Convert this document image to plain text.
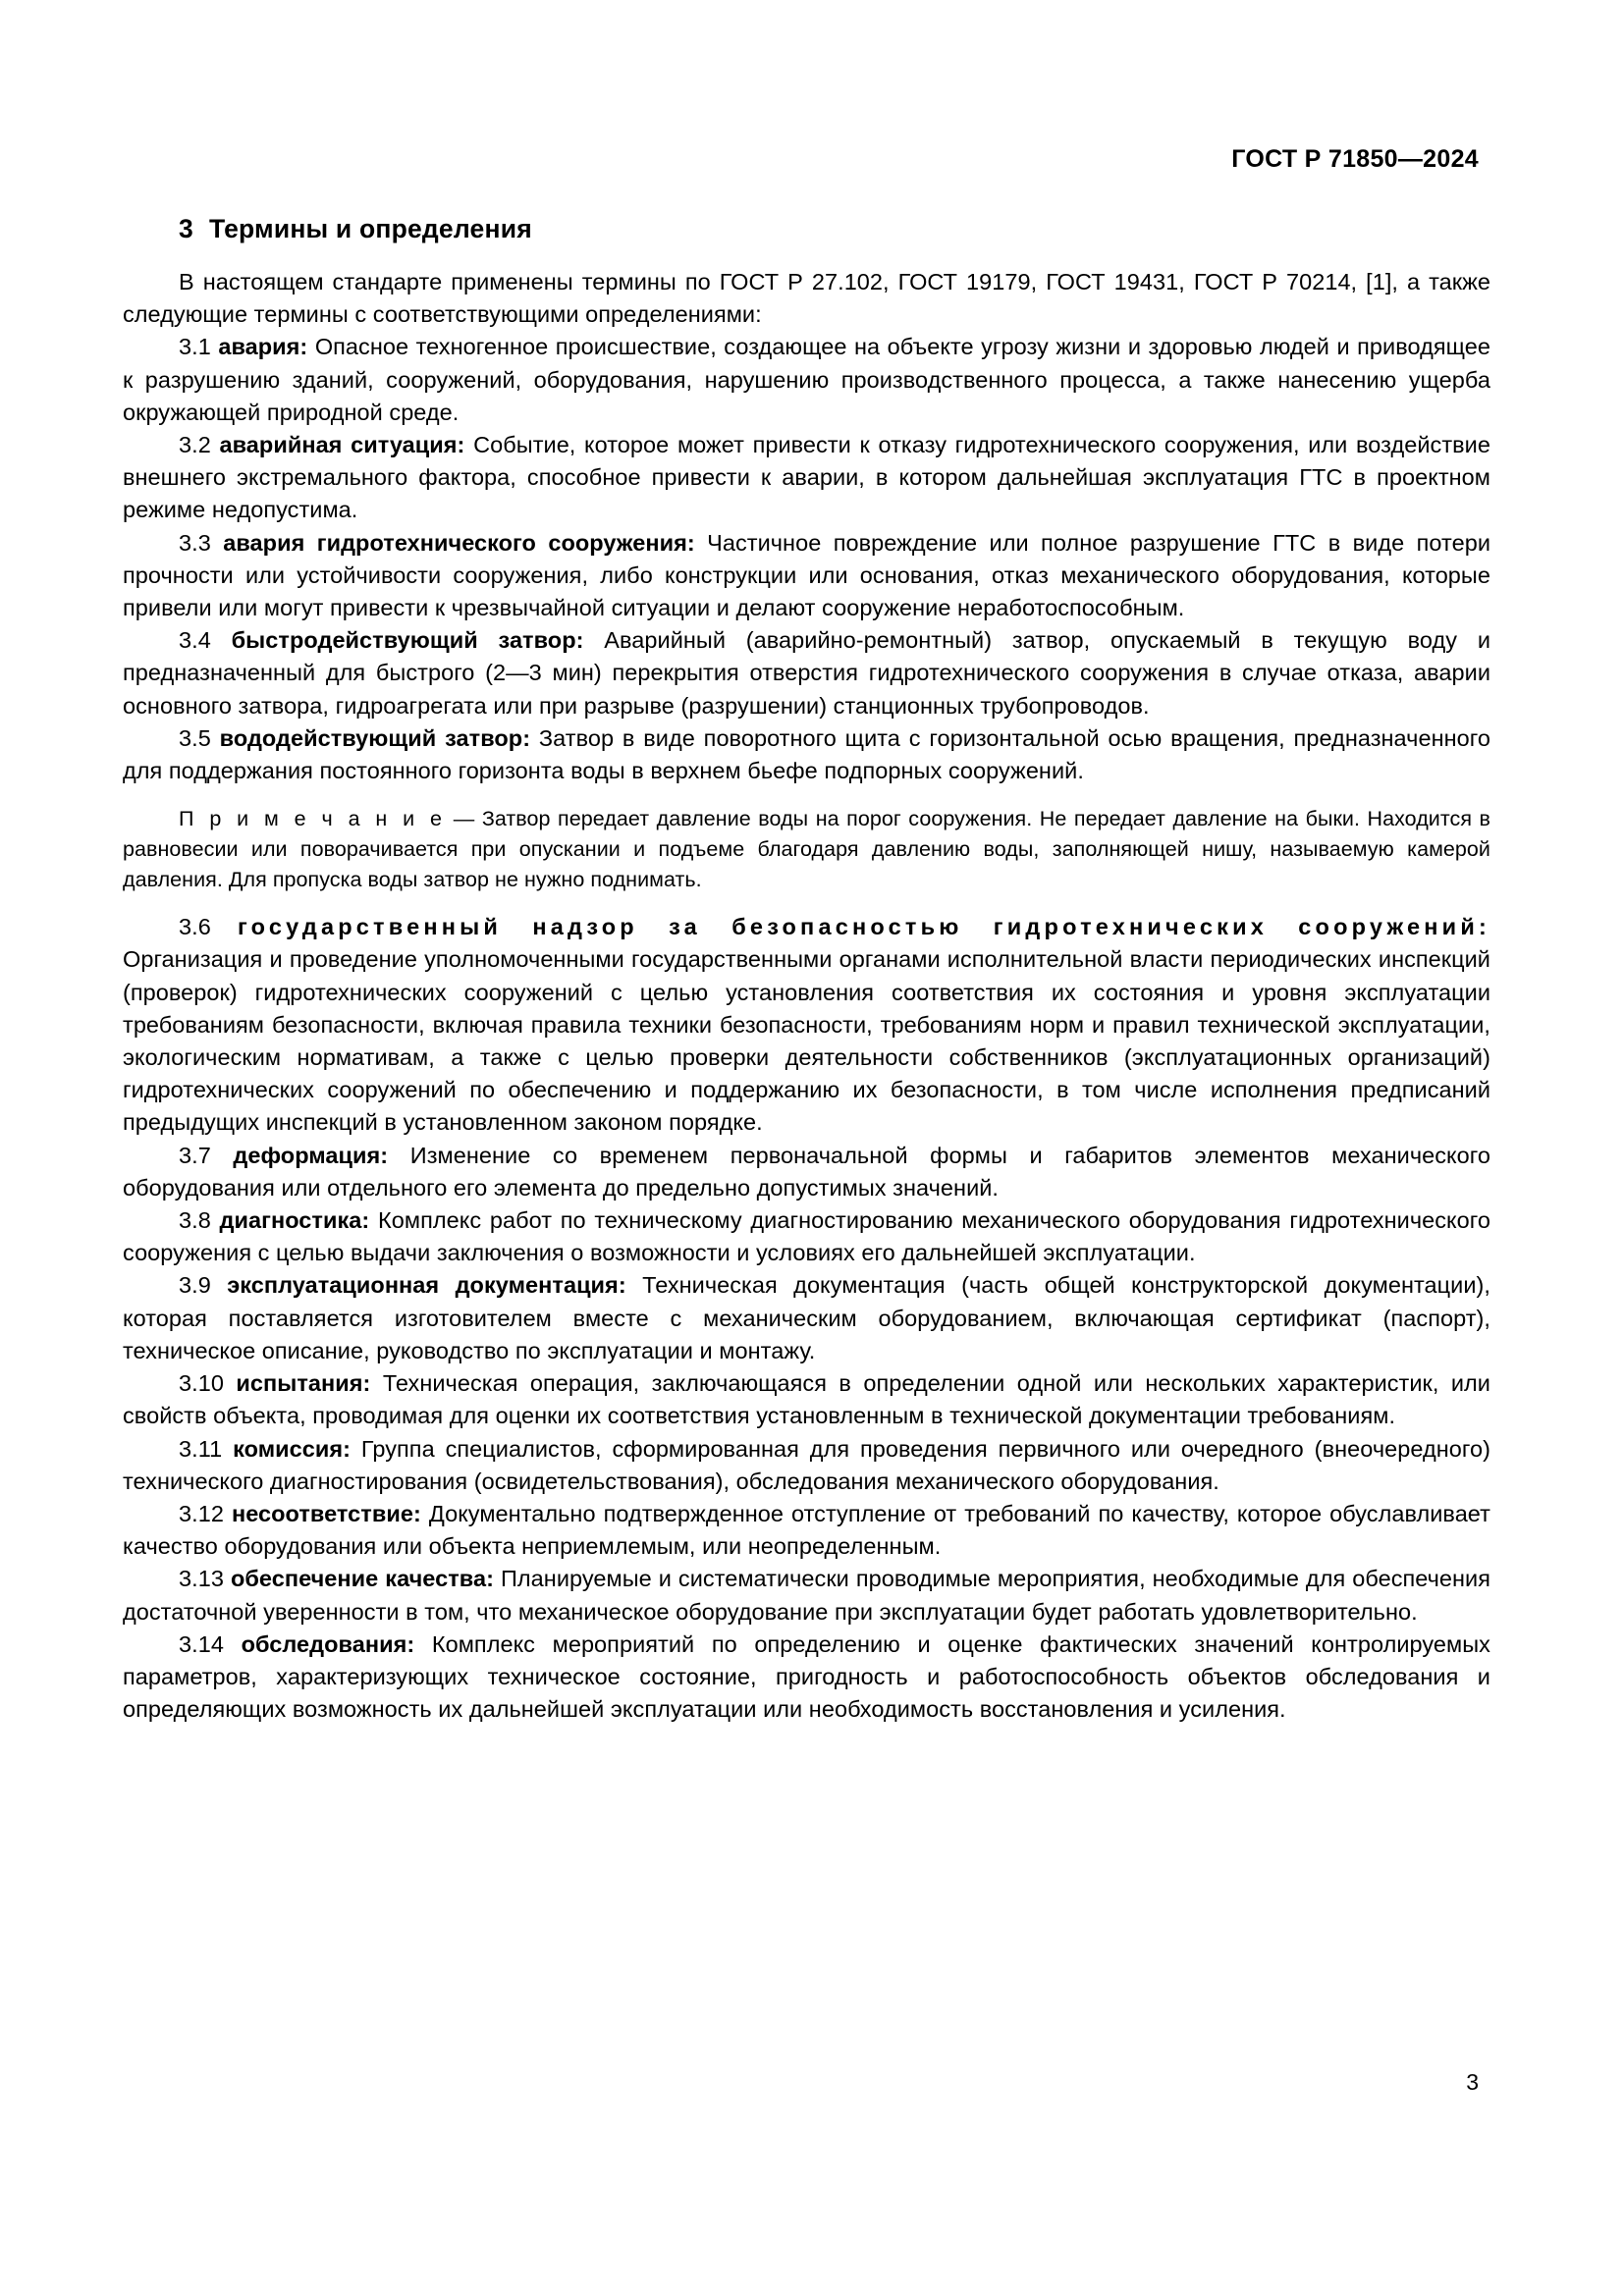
ГОСТ Р 71850—2024
3 Термины и определения

В настоящем стандарте применены термины по ГОСТ Р 27.102, ГОСТ 19179, ГОСТ 19431, ГОСТ Р 70214, [1], а также следующие термины с соответствующими определениями:

3.1 авария: Опасное техногенное происшествие, создающее на объекте угрозу жизни и здоровью людей и приводящее к разрушению зданий, сооружений, оборудования, нарушению производственного процесса, а также нанесению ущерба окружающей природной среде.

3.2 аварийная ситуация: Событие, которое может привести к отказу гидротехнического сооружения, или воздействие внешнего экстремального фактора, способное привести к аварии, в котором дальнейшая эксплуатация ГТС в проектном режиме недопустима.

3.3 авария гидротехнического сооружения: Частичное повреждение или полное разрушение ГТС в виде потери прочности или устойчивости сооружения, либо конструкции или основания, отказ механического оборудования, которые привели или могут привести к чрезвычайной ситуации и делают сооружение неработоспособным.

3.4 быстродействующий затвор: Аварийный (аварийно-ремонтный) затвор, опускаемый в текущую воду и предназначенный для быстрого (2—3 мин) перекрытия отверстия гидротехнического сооружения в случае отказа, аварии основного затвора, гидроагрегата или при разрыве (разрушении) станционных трубопроводов.

3.5 вододействующий затвор: Затвор в виде поворотного щита с горизонтальной осью вращения, предназначенного для поддержания постоянного горизонта воды в верхнем бьефе подпорных сооружений.

П р и м е ч а н и е — Затвор передает давление воды на порог сооружения. Не передает давление на быки. Находится в равновесии или поворачивается при опускании и подъеме благодаря давлению воды, заполняющей нишу, называемую камерой давления. Для пропуска воды затвор не нужно поднимать.

3.6 государственный надзор за безопасностью гидротехнических сооружений: Организация и проведение уполномоченными государственными органами исполнительной власти периодических инспекций (проверок) гидротехнических сооружений с целью установления соответствия их состояния и уровня эксплуатации требованиям безопасности, включая правила техники безопасности, требованиям норм и правил технической эксплуатации, экологическим нормативам, а также с целью проверки деятельности собственников (эксплуатационных организаций) гидротехнических сооружений по обеспечению и поддержанию их безопасности, в том числе исполнения предписаний предыдущих инспекций в установленном законом порядке.

3.7 деформация: Изменение со временем первоначальной формы и габаритов элементов механического оборудования или отдельного его элемента до предельно допустимых значений.

3.8 диагностика: Комплекс работ по техническому диагностированию механического оборудования гидротехнического сооружения с целью выдачи заключения о возможности и условиях его дальнейшей эксплуатации.

3.9 эксплуатационная документация: Техническая документация (часть общей конструкторской документации), которая поставляется изготовителем вместе с механическим оборудованием, включающая сертификат (паспорт), техническое описание, руководство по эксплуатации и монтажу.

3.10 испытания: Техническая операция, заключающаяся в определении одной или нескольких характеристик, или свойств объекта, проводимая для оценки их соответствия установленным в технической документации требованиям.

3.11 комиссия: Группа специалистов, сформированная для проведения первичного или очередного (внеочередного) технического диагностирования (освидетельствования), обследования механического оборудования.

3.12 несоответствие: Документально подтвержденное отступление от требований по качеству, которое обуславливает качество оборудования или объекта неприемлемым, или неопределенным.

3.13 обеспечение качества: Планируемые и систематически проводимые мероприятия, необходимые для обеспечения достаточной уверенности в том, что механическое оборудование при эксплуатации будет работать удовлетворительно.

3.14 обследования: Комплекс мероприятий по определению и оценке фактических значений контролируемых параметров, характеризующих техническое состояние, пригодность и работоспособность объектов обследования и определяющих возможность их дальнейшей эксплуатации или необходимость восстановления и усиления.

3
